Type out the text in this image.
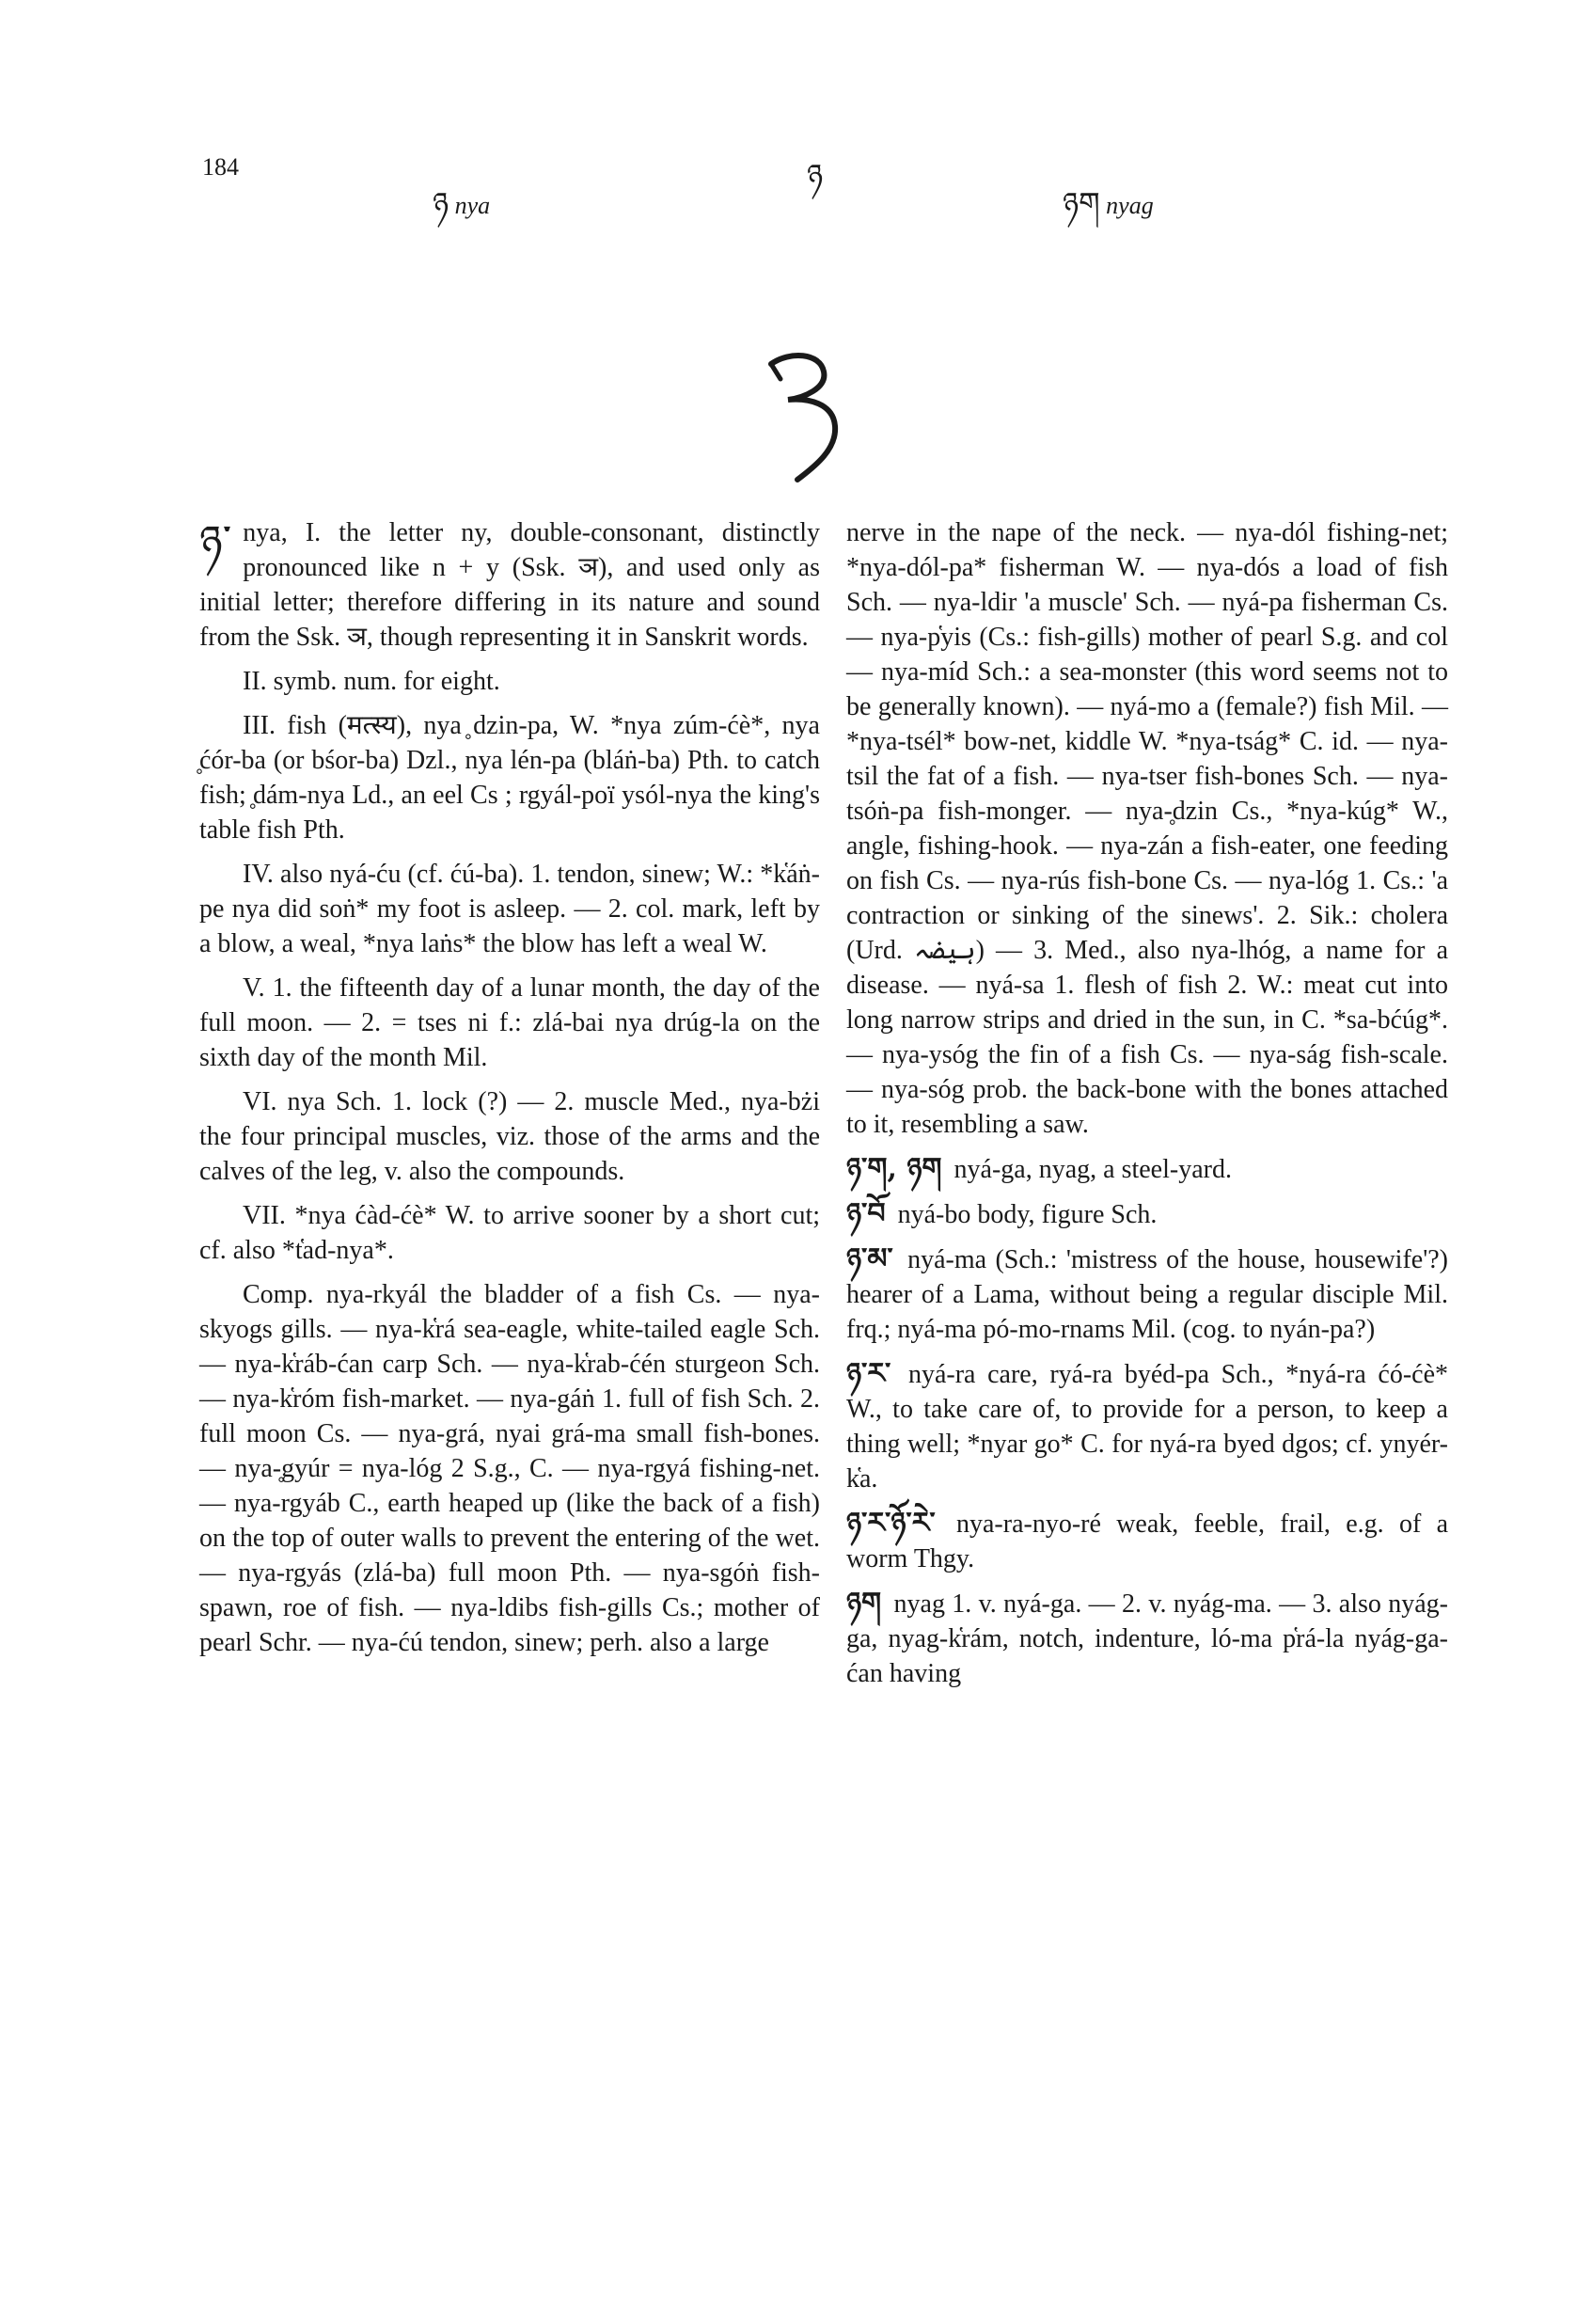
184
ཉ nya
ཉ
ཉག nyag

ཉ་ nya, I. the letter ny, double-consonant, distinctly pronounced like n + y (Ssk. ञ), and used only as initial letter; therefore differing in its nature and sound from the Ssk. ञ, though representing it in Sanskrit words.

II. symb. num. for eight.

III. fish (मत्स्य), nya ̥dzin-pa, W. *nya zúm-ćè*, nya ̥ćór-ba (or bśor-ba) Dzl., nya lén-pa (bláṅ-ba) Pth. to catch fish; ̥dám-nya Ld., an eel Cs ; rgyál-poï ysól-nya the king's table fish Pth.

IV. also nyá-ću (cf. ćú-ba). 1. tendon, sinew; W.: *k̔áṅ-pe nya did soṅ* my foot is asleep. — 2. col. mark, left by a blow, a weal, *nya laṅs* the blow has left a weal W.

V. 1. the fifteenth day of a lunar month, the day of the full moon. — 2. = tses ni f.: zlá-bai nya drúg-la on the sixth day of the month Mil.

VI. nya Sch. 1. lock (?) — 2. muscle Med., nya-bżi the four principal muscles, viz. those of the arms and the calves of the leg, v. also the compounds.

VII. *nya ćàd-ćè* W. to arrive sooner by a short cut; cf. also *t̔ad-nya*.

Comp. nya-rkyál the bladder of a fish Cs. — nya-skyogs gills. — nya-k̔rá sea-eagle, white-tailed eagle Sch. — nya-k̔ráb-ćan carp Sch. — nya-k̔rab-ćén sturgeon Sch. — nya-k̔róm fish-market. — nya-gáṅ 1. full of fish Sch. 2. full moon Cs. — nya-grá, nyai grá-ma small fish-bones. — nya-̥gyúr = nya-lóg 2 S.g., C. — nya-rgyá fishing-net. — nya-rgyáb C., earth heaped up (like the back of a fish) on the top of outer walls to prevent the entering of the wet. — nya-rgyás (zlá-ba) full moon Pth. — nya-sgóṅ fish-spawn, roe of fish. — nya-ldibs fish-gills Cs.; mother of pearl Schr. — nya-ćú tendon, sinew; perh. also a large

nerve in the nape of the neck. — nya-dól fishing-net; *nya-dól-pa* fisherman W. — nya-dós a load of fish Sch. — nya-ldir 'a muscle' Sch. — nyá-pa fisherman Cs. — nya-p̔yis (Cs.: fish-gills) mother of pearl S.g. and col — nya-míd Sch.: a sea-monster (this word seems not to be generally known). — nyá-mo a (female?) fish Mil. — *nya-tsél* bow-net, kiddle W. *nya-tság* C. id. — nya-tsil the fat of a fish. — nya-tser fish-bones Sch. — nya-tsóṅ-pa fish-monger. — nya-̥dzin Cs., *nya-kúg* W., angle, fishing-hook. — nya-zán a fish-eater, one feeding on fish Cs. — nya-rús fish-bone Cs. — nya-lóg 1. Cs.: 'a contraction or sinking of the sinews'. 2. Sik.: cholera (Urd. ہیضہ) — 3. Med., also nya-lhóg, a name for a disease. — nyá-sa 1. flesh of fish 2. W.: meat cut into long narrow strips and dried in the sun, in C. *sa-bćúg*. — nya-ysóg the fin of a fish Cs. — nya-ság fish-scale. — nya-sóg prob. the back-bone with the bones attached to it, resembling a saw.

ཉ་ག, ཉག nyá-ga, nyag, a steel-yard.

ཉ་བོ nyá-bo body, figure Sch.

ཉ་མ་ nyá-ma (Sch.: 'mistress of the house, housewife'?) hearer of a Lama, without being a regular disciple Mil. frq.; nyá-ma pó-mo-rnams Mil. (cog. to nyán-pa?)

ཉ་ར་ nyá-ra care, ryá-ra byéd-pa Sch., *nyá-ra ćó-ćè* W., to take care of, to provide for a person, to keep a thing well; *nyar go* C. for nyá-ra byed dgos; cf. ynyér-k̔a.

ཉ་ར་ཉོ་རེ་ nya-ra-nyo-ré weak, feeble, frail, e.g. of a worm Thgy.

ཉག nyag 1. v. nyá-ga. — 2. v. nyág-ma. — 3. also nyág-ga, nyag-k̔rám, notch, indenture, ló-ma p̔rá-la nyág-ga-ćan having
